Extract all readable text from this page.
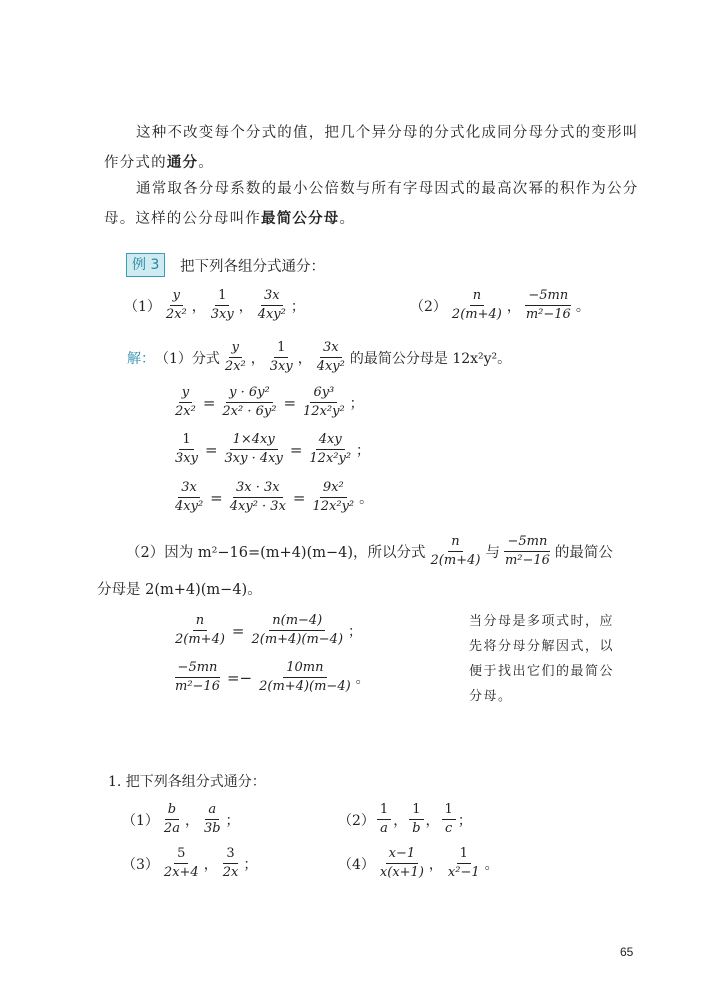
这种不改变每个分式的值，把几个异分母的分式化成同分母分式的变形叫作分式的通分。
通常取各分母系数的最小公倍数与所有字母因式的最高次幂的积作为公分母。这样的公分母叫作最简公分母。
例 3	把下列各组分式通分：
（1）
y
2x² ，
1
3xy ，
3x
4xy² ；	（2）
n
2(m+4) ，
−5mn
m²−16 。
解： （1）分式
y
2x² ，
1
3xy ，
3x
4xy² 的最简公分母是 12x²y²。
$\frac{y}{\text{2x²}} = \frac{\text{y · 6y²}}{\text{2x² · 6y²}} = \frac{\text{6y³}}{\text{12x²y²}}$ ；
$\frac{1}{3xy} = \frac{1\times 4xy}{3xy \cdot 4xy} = \frac{4xy}{\text{12x²y²}}$ ；
$\frac{3x}{\text{4xy²}} = \frac{3x \cdot 3x}{\text{4xy² · 3x}} = \frac{\text{9x²}}{\text{12x²y²}}$ 。
（2）因为 m²−16=(m+4)(m−4)，所以分式
n
2(m+4) 与
−5mn
m²−16 的最简公
分母是 2(m+4)(m−4)。
$\frac{n}{2(m+4)} = \frac{n(m-4)}{2(m+4)(m-4)}$ ；
$\frac{-5mn}{\text{m²−16}} =- \frac{10mn}{2(m+4)(m-4)}$ 。
当分母是多项式时，应先将分母分解因式，以便于找出它们的最简公分母。
1. 把下列各组分式通分：
（1）
b
2a ，
a
3b ；	（2）
1
a ，
1
b ，
1
c ；
（3）
5
2x+4 ，
3
2x ；	（4）
x−1
x(x+1) ，
1
x²−1 。
65
